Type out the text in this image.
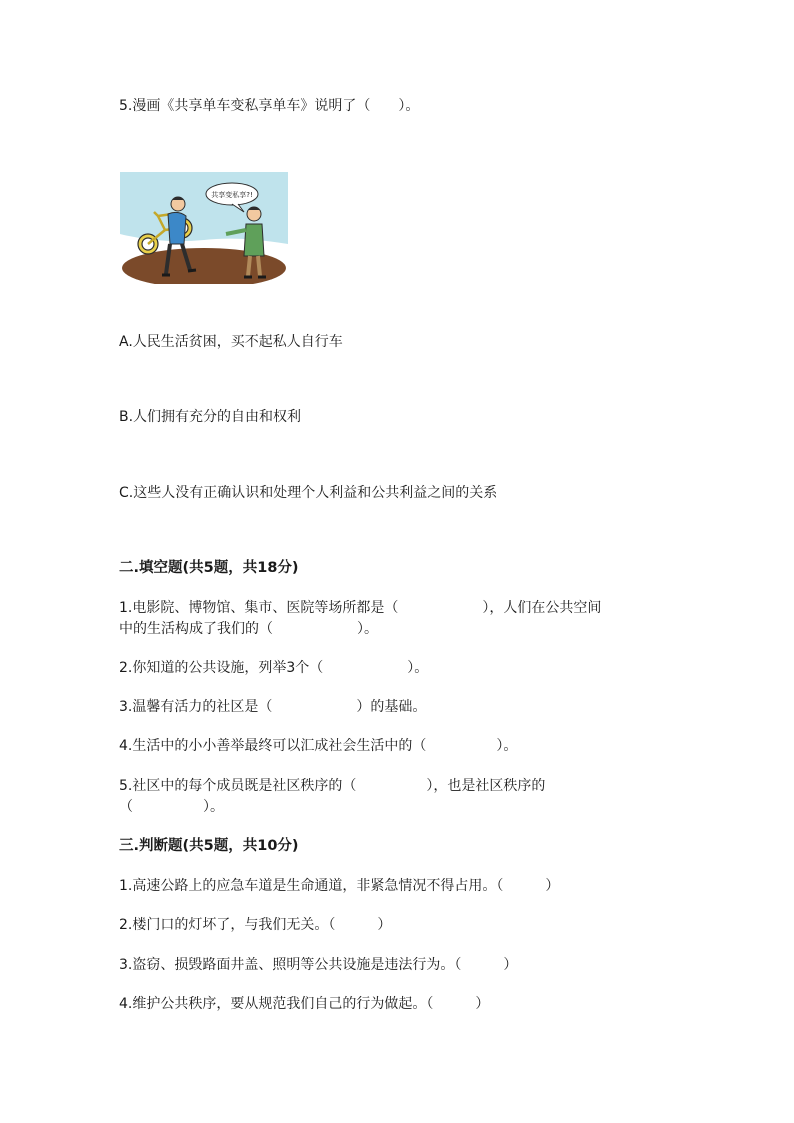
5.漫画《共享单车变私享单车》说明了（　　）。
共享变私享?!
A.人民生活贫困，买不起私人自行车
B.人们拥有充分的自由和权利
C.这些人没有正确认识和处理个人利益和公共利益之间的关系
二.填空题(共5题，共18分)
1.电影院、博物馆、集市、医院等场所都是（　　　　　　），人们在公共空间
中的生活构成了我们的（　　　　　　）。
2.你知道的公共设施，列举3个（　　　　　　）。
3.温馨有活力的社区是（　　　　　　）的基础。
4.生活中的小小善举最终可以汇成社会生活中的（　　　　　）。
5.社区中的每个成员既是社区秩序的（　　　　　），也是社区秩序的
（　　　　　）。
三.判断题(共5题，共10分)
1.高速公路上的应急车道是生命通道，非紧急情况不得占用。（　　　）
2.楼门口的灯坏了，与我们无关。（　　　）
3.盗窃、损毁路面井盖、照明等公共设施是违法行为。（　　　）
4.维护公共秩序，要从规范我们自己的行为做起。（　　　）
